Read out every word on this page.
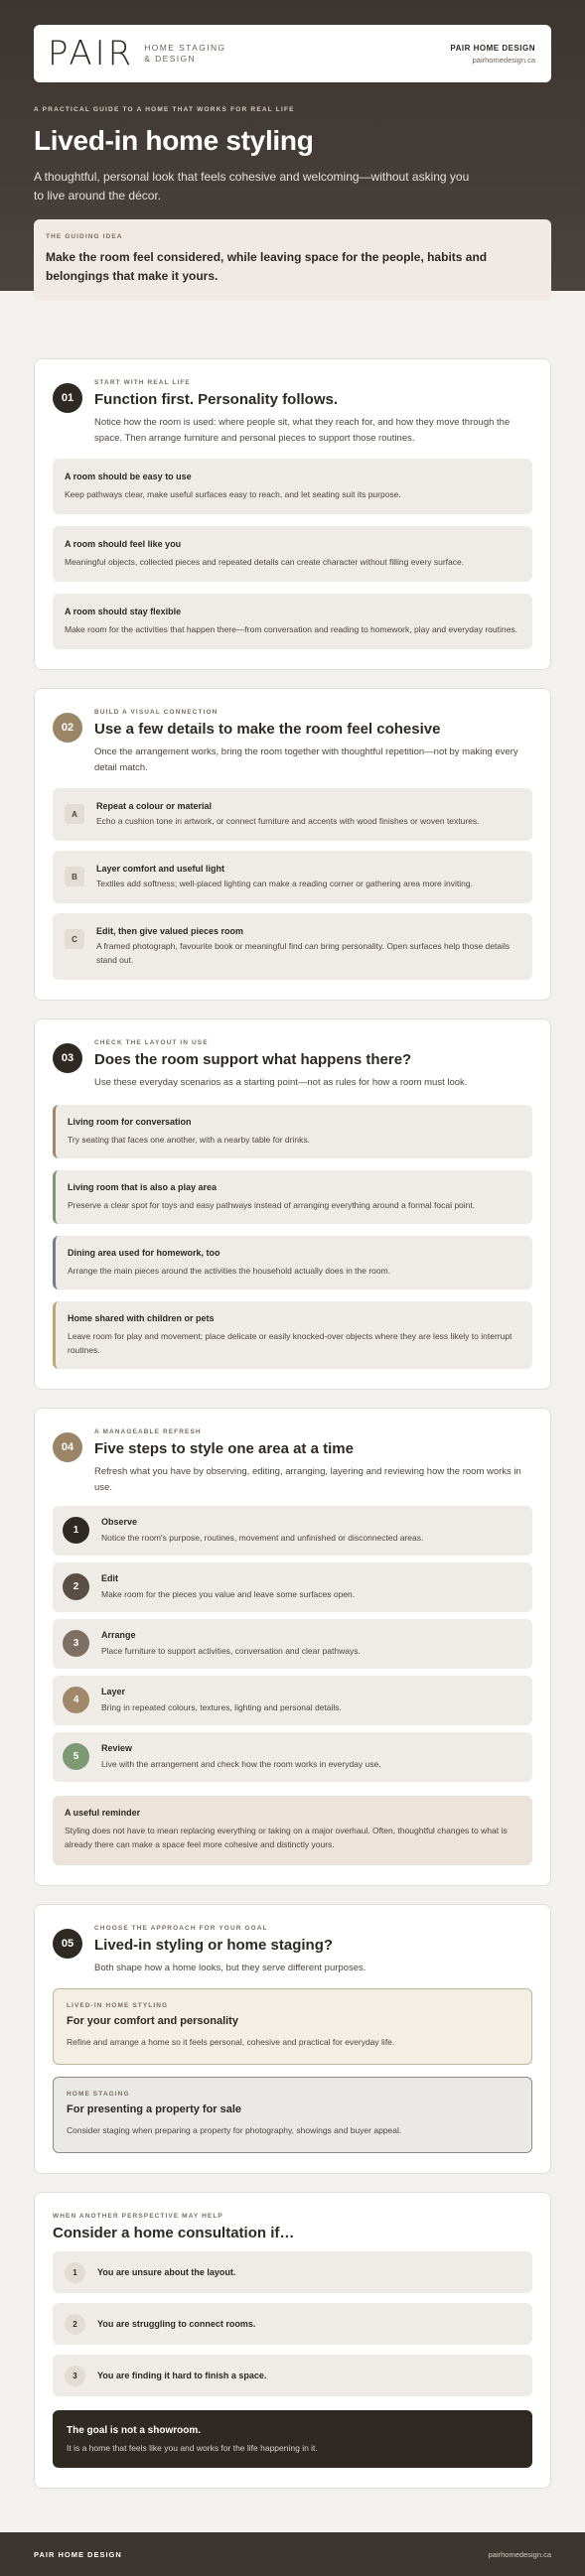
PAIR HOME STAGING
& DESIGN
PAIR HOME DESIGN
pairhomedesign.ca
A PRACTICAL GUIDE TO A HOME THAT WORKS FOR REAL LIFE
Lived-in home styling

A thoughtful, personal look that feels cohesive and welcoming—without asking you to live around the décor.

THE GUIDING IDEA
Make the room feel considered, while leaving space for the people, habits and belongings that make it yours.
01
START WITH REAL LIFE
Function first. Personality follows.

Notice how the room is used: where people sit, what they reach for, and how they move through the space. Then arrange furniture and personal pieces to support those routines.

A room should be easy to use
Keep pathways clear, make useful surfaces easy to reach, and let seating suit its purpose.
A room should feel like you
Meaningful objects, collected pieces and repeated details can create character without filling every surface.
A room should stay flexible
Make room for the activities that happen there—from conversation and reading to homework, play and everyday routines.
02
BUILD A VISUAL CONNECTION
Use a few details to make the room feel cohesive

Once the arrangement works, bring the room together with thoughtful repetition—not by making every detail match.

A
Repeat a colour or material
Echo a cushion tone in artwork, or connect furniture and accents with wood finishes or woven textures.
B
Layer comfort and useful light
Textiles add softness; well-placed lighting can make a reading corner or gathering area more inviting.
C
Edit, then give valued pieces room
A framed photograph, favourite book or meaningful find can bring personality. Open surfaces help those details stand out.
03
CHECK THE LAYOUT IN USE
Does the room support what happens there?

Use these everyday scenarios as a starting point—not as rules for how a room must look.

Living room for conversation
Try seating that faces one another, with a nearby table for drinks.
Living room that is also a play area
Preserve a clear spot for toys and easy pathways instead of arranging everything around a formal focal point.
Dining area used for homework, too
Arrange the main pieces around the activities the household actually does in the room.
Home shared with children or pets
Leave room for play and movement; place delicate or easily knocked-over objects where they are less likely to interrupt routines.
04
A MANAGEABLE REFRESH
Five steps to style one area at a time

Refresh what you have by observing, editing, arranging, layering and reviewing how the room works in use.

1
Observe
Notice the room's purpose, routines, movement and unfinished or disconnected areas.
2
Edit
Make room for the pieces you value and leave some surfaces open.
3
Arrange
Place furniture to support activities, conversation and clear pathways.
4
Layer
Bring in repeated colours, textures, lighting and personal details.
5
Review
Live with the arrangement and check how the room works in everyday use.
A useful reminder
Styling does not have to mean replacing everything or taking on a major overhaul. Often, thoughtful changes to what is already there can make a space feel more cohesive and distinctly yours.
05
CHOOSE THE APPROACH FOR YOUR GOAL
Lived-in styling or home staging?

Both shape how a home looks, but they serve different purposes.

LIVED-IN HOME STYLING
For your comfort and personality
Refine and arrange a home so it feels personal, cohesive and practical for everyday life.
HOME STAGING
For presenting a property for sale
Consider staging when preparing a property for photography, showings and buyer appeal.
WHEN ANOTHER PERSPECTIVE MAY HELP
Consider a home consultation if…
1	You are unsure about the layout.
2	You are struggling to connect rooms.
3	You are finding it hard to finish a space.
The goal is not a showroom.
It is a home that feels like you and works for the life happening in it.
PAIR HOME DESIGN	pairhomedesign.ca
